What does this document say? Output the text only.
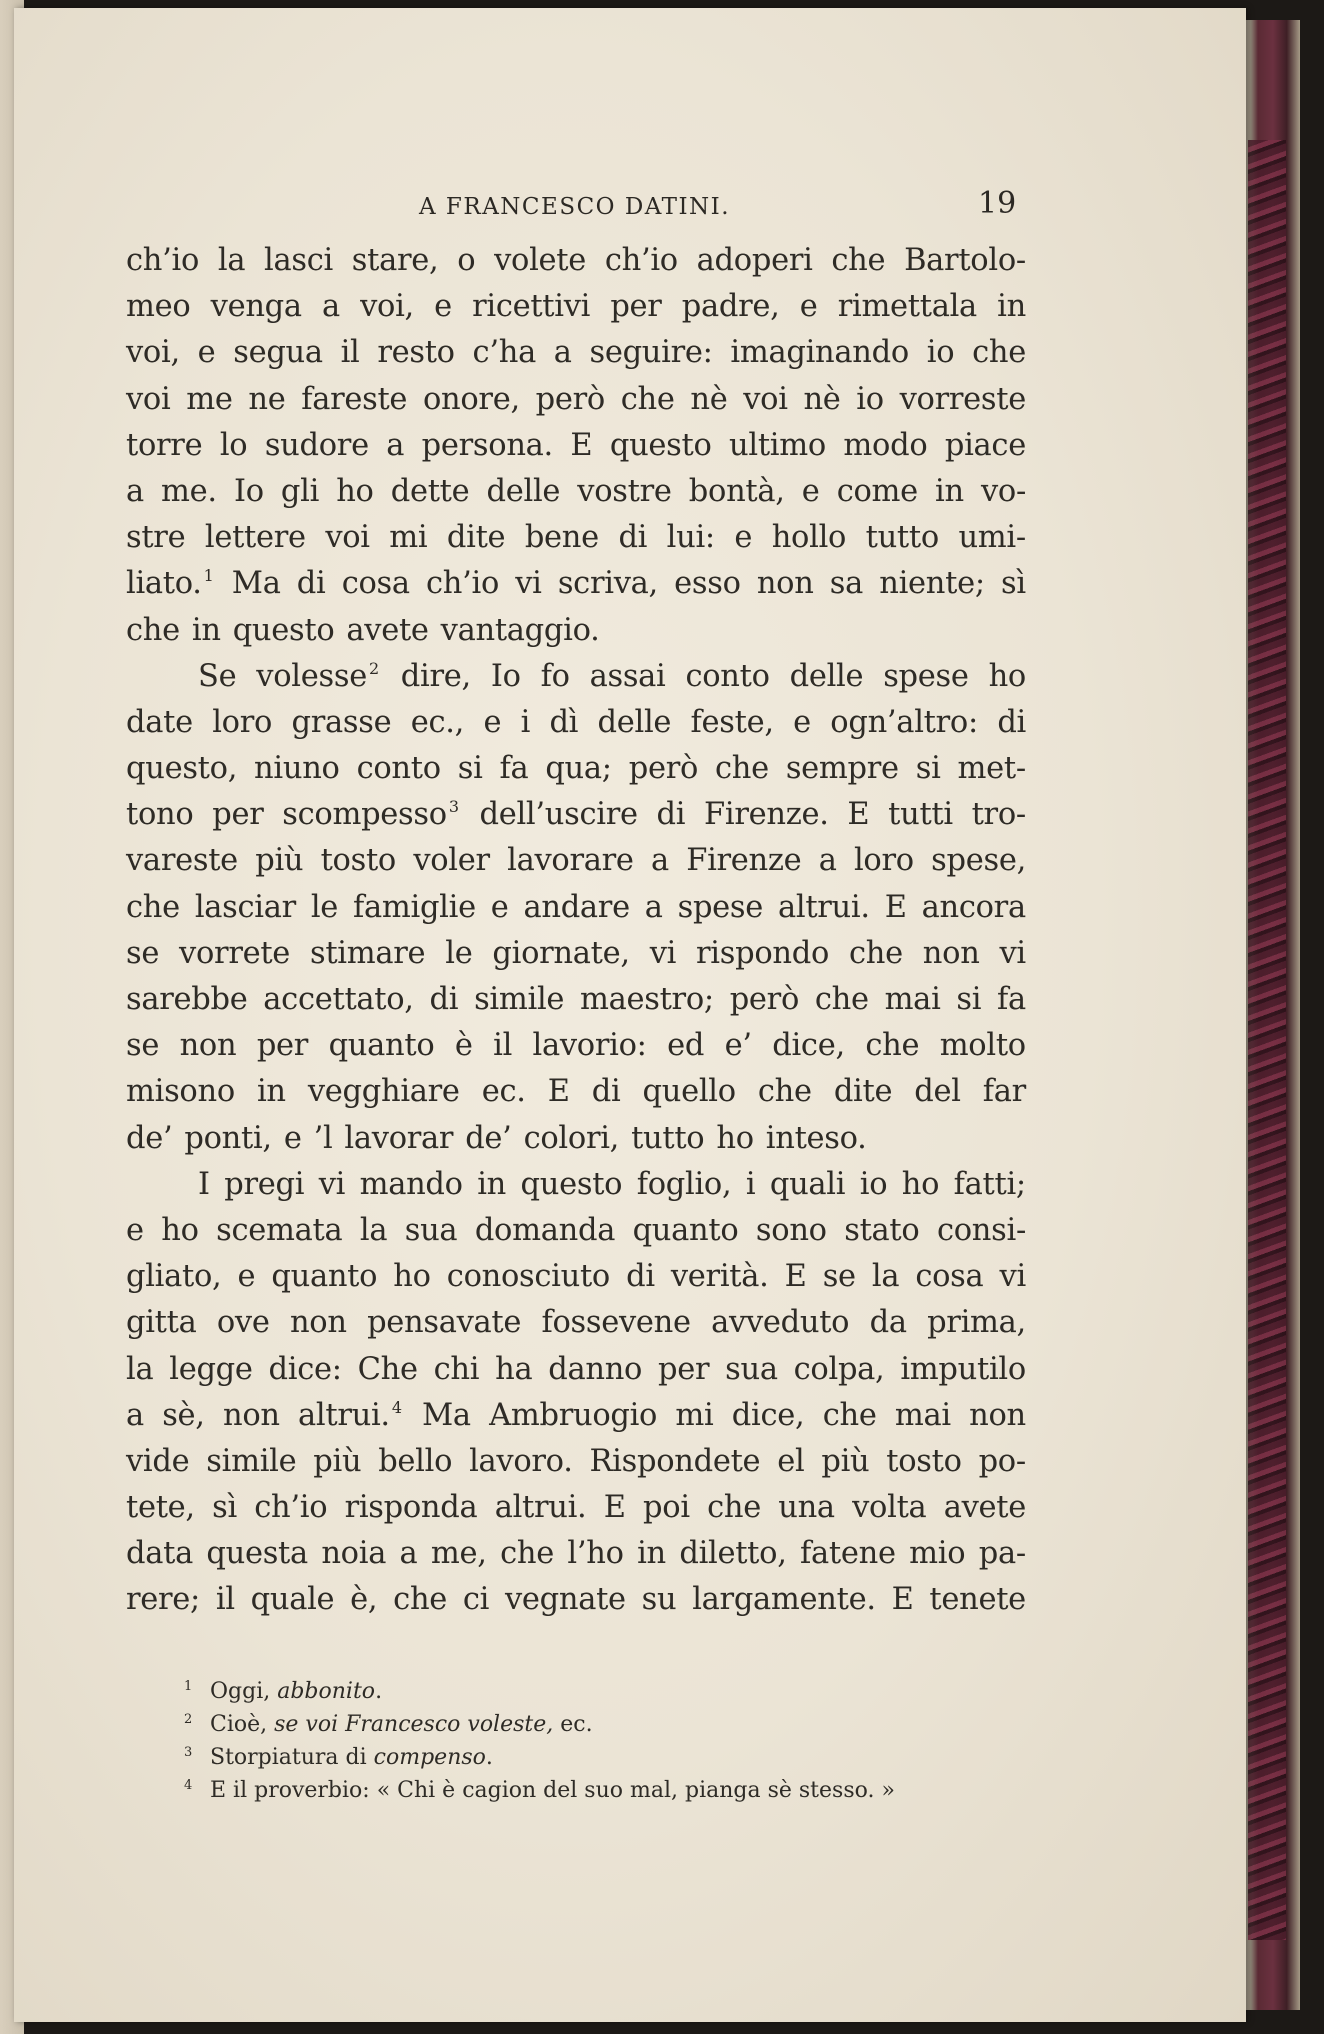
A FRANCESCO DATINI.	19
ch’io la lasci stare, o volete ch’io adoperi che Bartolo-
meo venga a voi, e ricettivi per padre, e rimettala in
voi, e segua il resto c’ha a seguire: imaginando io che
voi me ne fareste onore, però che nè voi nè io vorreste
torre lo sudore a persona. E questo ultimo modo piace
a me. Io gli ho dette delle vostre bontà, e come in vo-
stre lettere voi mi dite bene di lui: e hollo tutto umi-
liato. $^1$ Ma di cosa ch’io vi scriva, esso non sa niente; sì
che in questo avete vantaggio.
Se volesse $^2$ dire, Io fo assai conto delle spese ho
date loro grasse ec., e i dì delle feste, e ogn’altro: di
questo, niuno conto si fa qua; però che sempre si met-
tono per scompesso $^3$ dell’uscire di Firenze. E tutti tro-
vareste più tosto voler lavorare a Firenze a loro spese,
che lasciar le famiglie e andare a spese altrui. E ancora
se vorrete stimare le giornate, vi rispondo che non vi
sarebbe accettato, di simile maestro; però che mai si fa
se non per quanto è il lavorio: ed e’ dice, che molto
misono in vegghiare ec. E di quello che dite del far
de’ ponti, e ’l lavorar de’ colori, tutto ho inteso.
I pregi vi mando in questo foglio, i quali io ho fatti;
e ho scemata la sua domanda quanto sono stato consi-
gliato, e quanto ho conosciuto di verità. E se la cosa vi
gitta ove non pensavate fossevene avveduto da prima,
la legge dice: Che chi ha danno per sua colpa, imputilo
a sè, non altrui. $^4$ Ma Ambruogio mi dice, che mai non
vide simile più bello lavoro. Rispondete el più tosto po-
tete, sì ch’io risponda altrui. E poi che una volta avete
data questa noia a me, che l’ho in diletto, fatene mio pa-
rere; il quale è, che ci vegnate su largamente. E tenete
1 Oggi, abbonito.
2 Cioè, se voi Francesco voleste, ec.
3 Storpiatura di compenso.
4 E il proverbio: « Chi è cagion del suo mal, pianga sè stesso. »
